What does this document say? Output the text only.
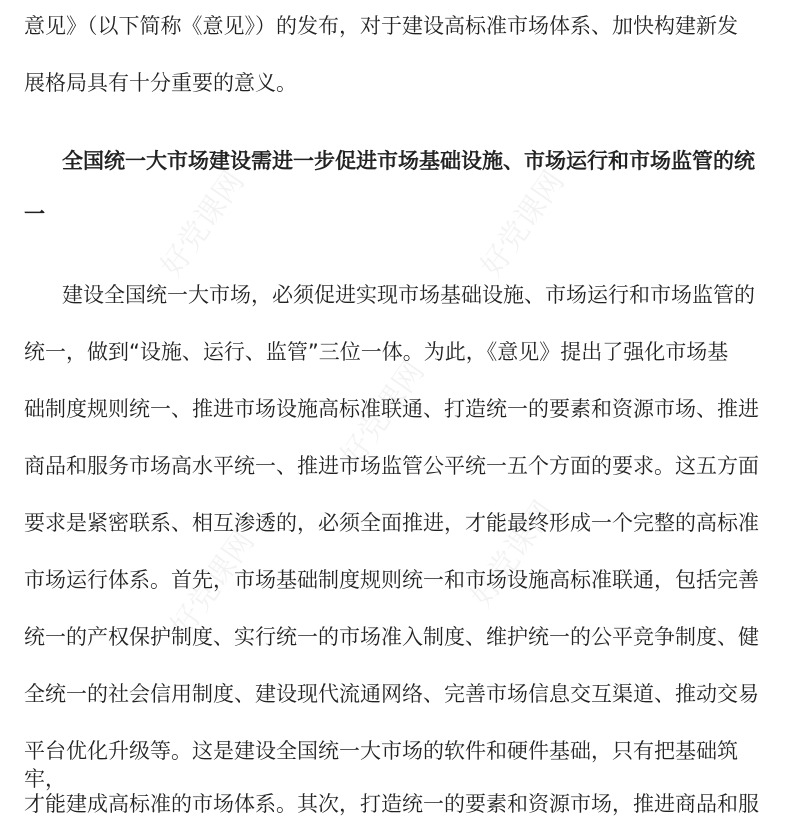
好党课网	好党课网
好党课网
好党课网	好党课网
意见》（以下简称《意见》）的发布，对于建设高标准市场体系、加快构建新发
展格局具有十分重要的意义。
全国统一大市场建设需进一步促进市场基础设施、市场运行和市场监管的统
一
建设全国统一大市场，必须促进实现市场基础设施、市场运行和市场监管的
统一，做到“设施、运行、监管”三位一体。为此，《意见》提出了强化市场基
础制度规则统一、推进市场设施高标准联通、打造统一的要素和资源市场、推进
商品和服务市场高水平统一、推进市场监管公平统一五个方面的要求。这五方面
要求是紧密联系、相互渗透的，必须全面推进，才能最终形成一个完整的高标准
市场运行体系。首先，市场基础制度规则统一和市场设施高标准联通，包括完善
统一的产权保护制度、实行统一的市场准入制度、维护统一的公平竞争制度、健
全统一的社会信用制度、建设现代流通网络、完善市场信息交互渠道、推动交易
平台优化升级等。这是建设全国统一大市场的软件和硬件基础，只有把基础筑牢，
才能建成高标准的市场体系。其次，打造统一的要素和资源市场，推进商品和服
